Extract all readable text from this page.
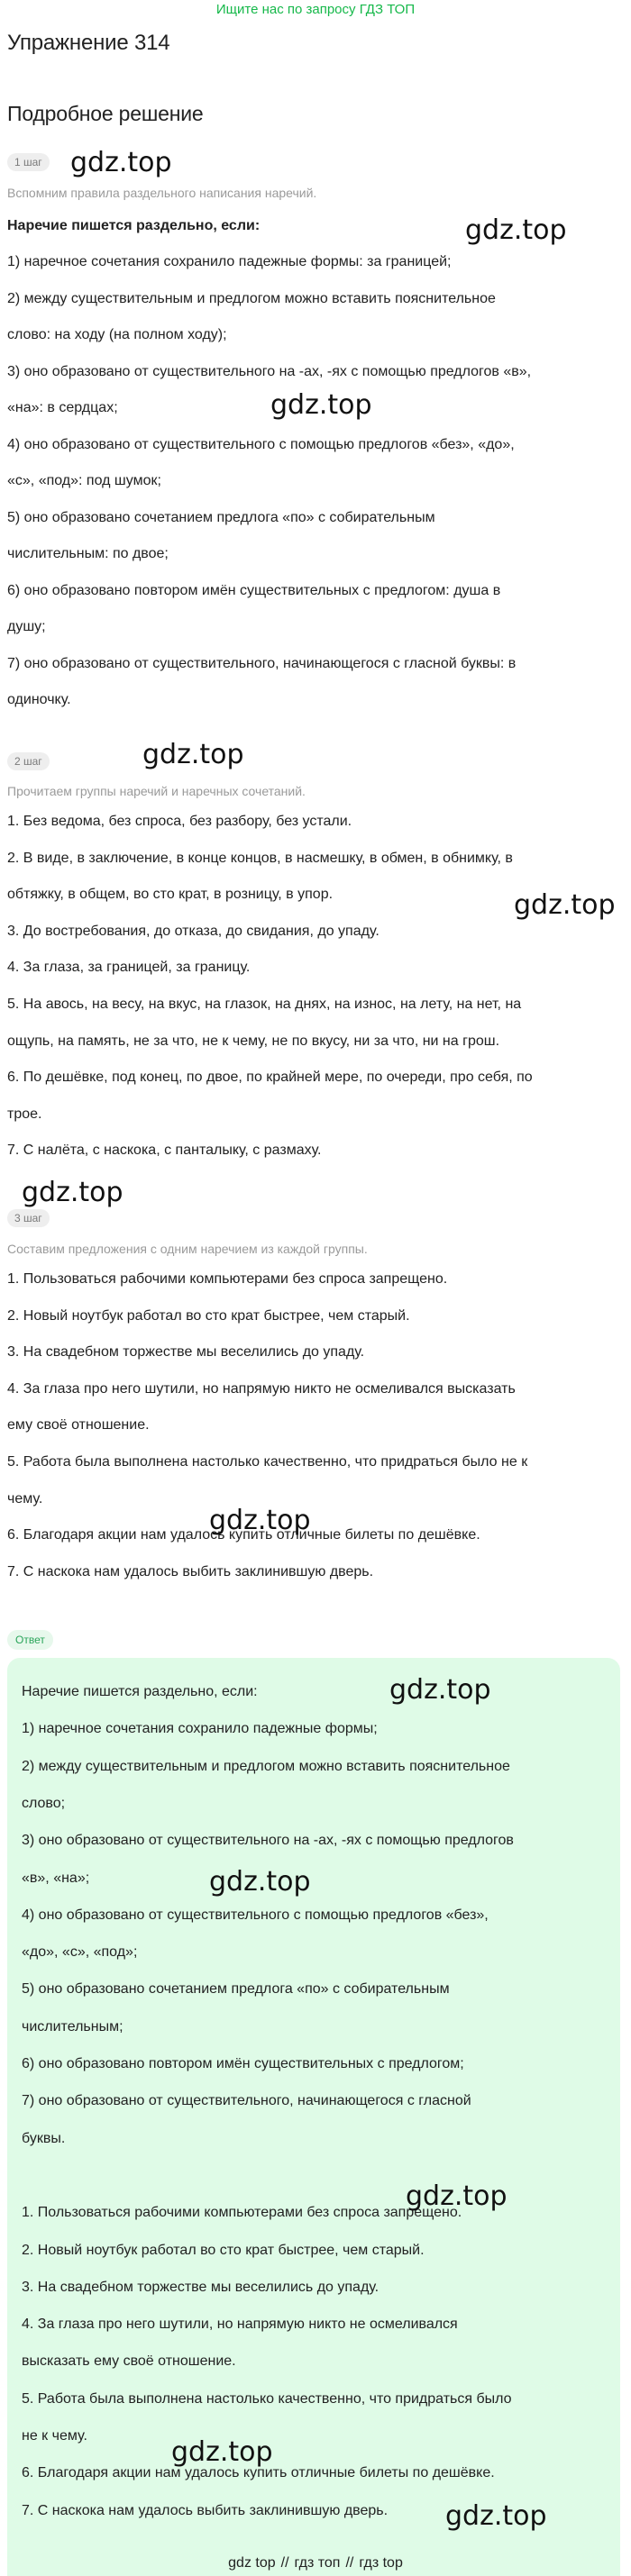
Ищите нас по запросу ГДЗ ТОП
Упражнение 314
Подробное решение
1 шаг
Вспомним правила раздельного написания наречий.
Наречие пишется раздельно, если:
1) наречное сочетания сохранило падежные формы: за границей;
2) между существительным и предлогом можно вставить пояснительное
слово: на ходу (на полном ходу);
3) оно образовано от существительного на -ах, -ях с помощью предлогов «в»,
«на»: в сердцах;
4) оно образовано от существительного с помощью предлогов «без», «до»,
«с», «под»: под шумок;
5) оно образовано сочетанием предлога «по» с собирательным
числительным: по двое;
6) оно образовано повтором имён существительных с предлогом: душа в
душу;
7) оно образовано от существительного, начинающегося с гласной буквы: в
одиночку.
2 шаг
Прочитаем группы наречий и наречных сочетаний.
1. Без ведома, без спроса, без разбору, без устали.
2. В виде, в заключение, в конце концов, в насмешку, в обмен, в обнимку, в
обтяжку, в общем, во сто крат, в розницу, в упор.
3. До востребования, до отказа, до свидания, до упаду.
4. За глаза, за границей, за границу.
5. На авось, на весу, на вкус, на глазок, на днях, на износ, на лету, на нет, на
ощупь, на память, не за что, не к чему, не по вкусу, ни за что, ни на грош.
6. По дешёвке, под конец, по двое, по крайней мере, по очереди, про себя, по
трое.
7. С налёта, с наскока, с панталыку, с размаху.
3 шаг
Составим предложения с одним наречием из каждой группы.
1. Пользоваться рабочими компьютерами без спроса запрещено.
2. Новый ноутбук работал во сто крат быстрее, чем старый.
3. На свадебном торжестве мы веселились до упаду.
4. За глаза про него шутили, но напрямую никто не осмеливался высказать
ему своё отношение.
5. Работа была выполнена настолько качественно, что придраться было не к
чему.
6. Благодаря акции нам удалось купить отличные билеты по дешёвке.
7. С наскока нам удалось выбить заклинившую дверь.
Ответ
Наречие пишется раздельно, если:
1) наречное сочетания сохранило падежные формы;
2) между существительным и предлогом можно вставить пояснительное
слово;
3) оно образовано от существительного на -ах, -ях с помощью предлогов
«в», «на»;
4) оно образовано от существительного с помощью предлогов «без»,
«до», «с», «под»;
5) оно образовано сочетанием предлога «по» с собирательным
числительным;
6) оно образовано повтором имён существительных с предлогом;
7) оно образовано от существительного, начинающегося с гласной
буквы.
1. Пользоваться рабочими компьютерами без спроса запрещено.
2. Новый ноутбук работал во сто крат быстрее, чем старый.
3. На свадебном торжестве мы веселились до упаду.
4. За глаза про него шутили, но напрямую никто не осмеливался
высказать ему своё отношение.
5. Работа была выполнена настолько качественно, что придраться было
не к чему.
6. Благодаря акции нам удалось купить отличные билеты по дешёвке.
7. С наскока нам удалось выбить заклинившую дверь.
gdz.top
gdz.top
gdz.top
gdz.top
gdz.top
gdz.top
gdz.top
gdz.top
gdz.top
gdz.top
gdz.top
gdz.top
gdz top // гдз топ // гдз top
